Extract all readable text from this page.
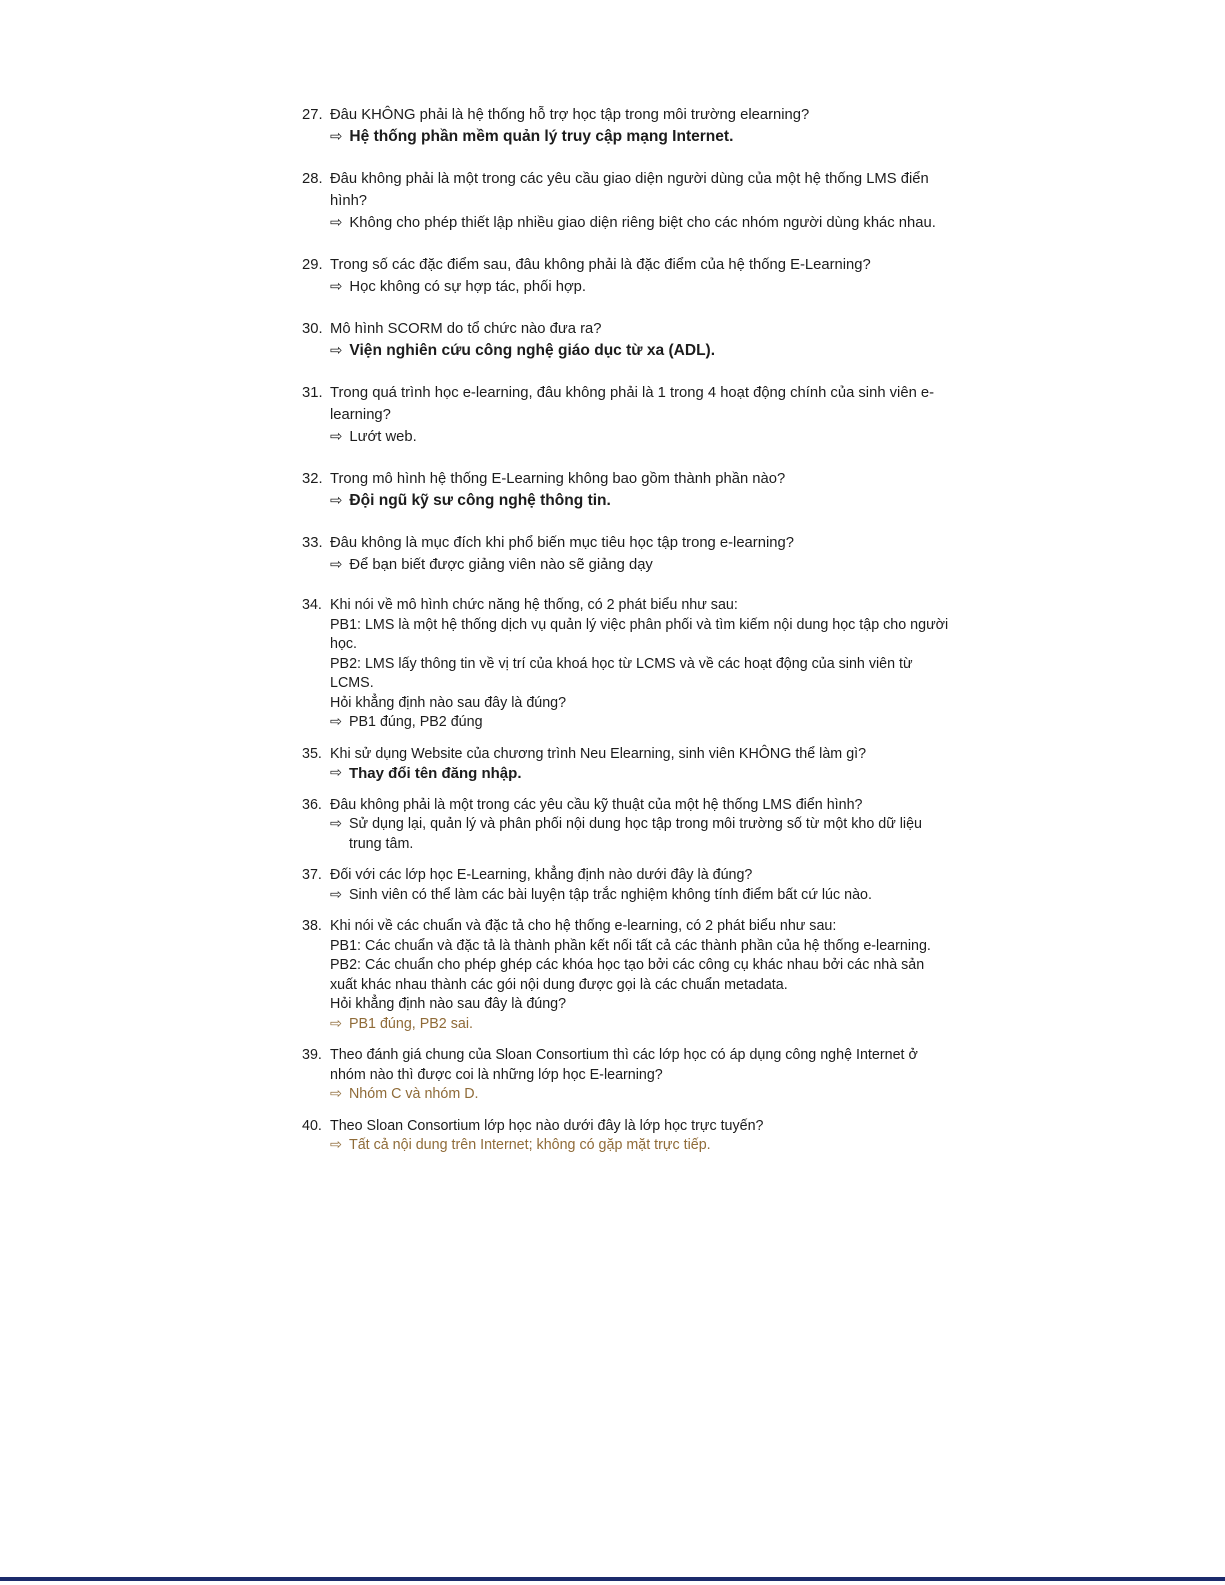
27. Đâu KHÔNG phải là hệ thống hỗ trợ học tập trong môi trường elearning?
⇨ Hệ thống phần mềm quản lý truy cập mạng Internet.
28. Đâu không phải là một trong các yêu cầu giao diện người dùng của một hệ thống LMS điển hình?
⇨ Không cho phép thiết lập nhiều giao diện riêng biệt cho các nhóm người dùng khác nhau.
29. Trong số các đặc điểm sau, đâu không phải là đặc điểm của hệ thống E-Learning?
⇨ Học không có sự hợp tác, phối hợp.
30. Mô hình SCORM do tổ chức nào đưa ra?
⇨ Viện nghiên cứu công nghệ giáo dục từ xa (ADL).
31. Trong quá trình học e-learning, đâu không phải là 1 trong 4 hoạt động chính của sinh viên e-learning?
⇨ Lướt web.
32. Trong mô hình hệ thống E-Learning không bao gồm thành phần nào?
⇨ Đội ngũ kỹ sư công nghệ thông tin.
33. Đâu không là mục đích khi phổ biến mục tiêu học tập trong e-learning?
⇨ Để bạn biết được giảng viên nào sẽ giảng dạy
34. Khi nói về mô hình chức năng hệ thống, có 2 phát biểu như sau:
PB1: LMS là một hệ thống dịch vụ quản lý việc phân phối và tìm kiếm nội dung học tập cho người học.
PB2: LMS lấy thông tin về vị trí của khoá học từ LCMS và về các hoạt động của sinh viên từ LCMS.
Hỏi khẳng định nào sau đây là đúng?
⇨ PB1 đúng, PB2 đúng
35. Khi sử dụng Website của chương trình Neu Elearning, sinh viên KHÔNG thể làm gì?
⇨ Thay đổi tên đăng nhập.
36. Đâu không phải là một trong các yêu cầu kỹ thuật của một hệ thống LMS điển hình?
⇨ Sử dụng lại, quản lý và phân phối nội dung học tập trong môi trường số từ một kho dữ liệu trung tâm.
37. Đối với các lớp học E-Learning, khẳng định nào dưới đây là đúng?
⇨ Sinh viên có thể làm các bài luyện tập trắc nghiệm không tính điểm bất cứ lúc nào.
38. Khi nói về các chuẩn và đặc tả cho hệ thống e-learning, có 2 phát biểu như sau:
PB1: Các chuẩn và đặc tả là thành phần kết nối tất cả các thành phần của hệ thống e-learning.
PB2: Các chuẩn cho phép ghép các khóa học tạo bởi các công cụ khác nhau bởi các nhà sản xuất khác nhau thành các gói nội dung được gọi là các chuẩn metadata.
Hỏi khẳng định nào sau đây là đúng?
⇨ PB1 đúng, PB2 sai.
39. Theo đánh giá chung của Sloan Consortium thì các lớp học có áp dụng công nghệ Internet ở nhóm nào thì được coi là những lớp học E-learning?
⇨ Nhóm C và nhóm D.
40. Theo Sloan Consortium lớp học nào dưới đây là lớp học trực tuyến?
⇨ Tất cả nội dung trên Internet; không có gặp mặt trực tiếp.
